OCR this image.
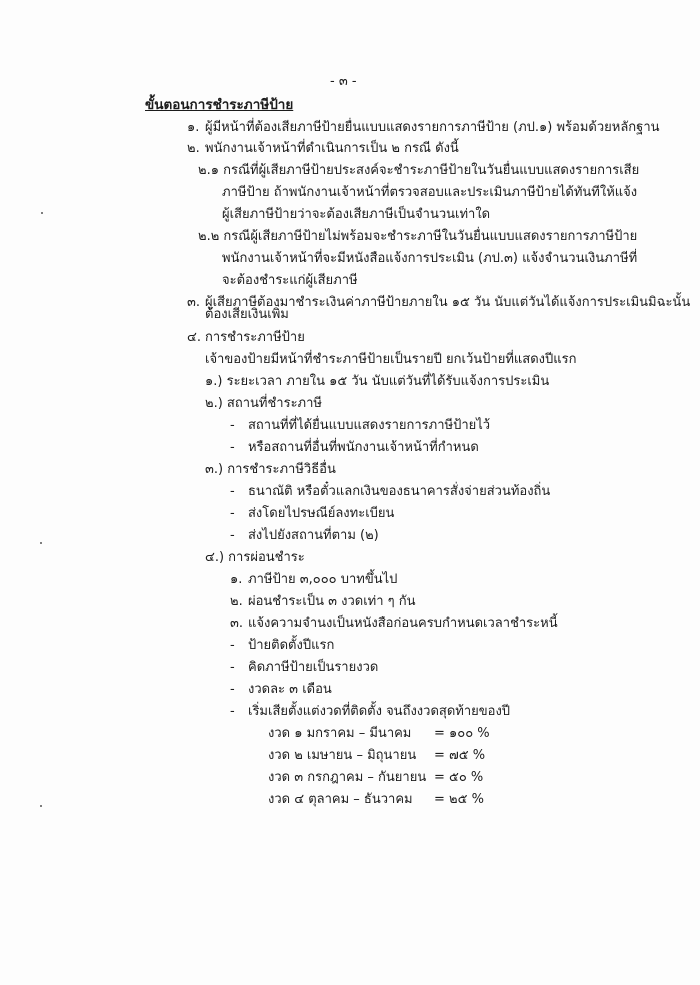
- ๓ -
ขั้นตอนการชำระภาษีป้าย
๑. ผู้มีหน้าที่ต้องเสียภาษีป้ายยื่นแบบแสดงรายการภาษีป้าย (ภป.๑) พร้อมด้วยหลักฐาน
๒. พนักงานเจ้าหน้าที่ดำเนินการเป็น ๒ กรณี ดังนี้
๒.๑ กรณีที่ผู้เสียภาษีป้ายประสงค์จะชำระภาษีป้ายในวันยื่นแบบแสดงรายการเสีย
ภาษีป้าย ถ้าพนักงานเจ้าหน้าที่ตรวจสอบและประเมินภาษีป้ายได้ทันทีให้แจ้ง
ผู้เสียภาษีป้ายว่าจะต้องเสียภาษีเป็นจำนวนเท่าใด
๒.๒ กรณีผู้เสียภาษีป้ายไม่พร้อมจะชำระภาษีในวันยื่นแบบแสดงรายการภาษีป้าย
พนักงานเจ้าหน้าที่จะมีหนังสือแจ้งการประเมิน (ภป.๓) แจ้งจำนวนเงินภาษีที่
จะต้องชำระแก่ผู้เสียภาษี
๓. ผู้เสียภาษีต้องมาชำระเงินค่าภาษีป้ายภายใน ๑๕ วัน นับแต่วันได้แจ้งการประเมินมิฉะนั้น
ต้องเสียเงินเพิ่ม
๔. การชำระภาษีป้าย
เจ้าของป้ายมีหน้าที่ชำระภาษีป้ายเป็นรายปี ยกเว้นป้ายที่แสดงปีแรก
๑.) ระยะเวลา ภายใน ๑๕ วัน นับแต่วันที่ได้รับแจ้งการประเมิน
๒.) สถานที่ชำระภาษี
- สถานที่ที่ได้ยื่นแบบแสดงรายการภาษีป้ายไว้
- หรือสถานที่อื่นที่พนักงานเจ้าหน้าที่กำหนด
๓.) การชำระภาษีวิธีอื่น
- ธนาณัติ หรือตั๋วแลกเงินของธนาคารสั่งจ่ายส่วนท้องถิ่น
- ส่งโดยไปรษณีย์ลงทะเบียน
- ส่งไปยังสถานที่ตาม (๒)
๔.) การผ่อนชำระ
๑. ภาษีป้าย ๓,๐๐๐ บาทขึ้นไป
๒. ผ่อนชำระเป็น ๓ งวดเท่า ๆ กัน
๓. แจ้งความจำนงเป็นหนังสือก่อนครบกำหนดเวลาชำระหนี้
- ป้ายติดตั้งปีแรก
- คิดภาษีป้ายเป็นรายงวด
- งวดละ ๓ เดือน
- เริ่มเสียตั้งแต่งวดที่ติดตั้ง จนถึงงวดสุดท้ายของปี
งวด ๑ มกราคม – มีนาคม = ๑๐๐ %
งวด ๒ เมษายน – มิถุนายน = ๗๕ %
งวด ๓ กรกฎาคม – กันยายน = ๕๐ %
งวด ๔ ตุลาคม – ธันวาคม = ๒๕ %
